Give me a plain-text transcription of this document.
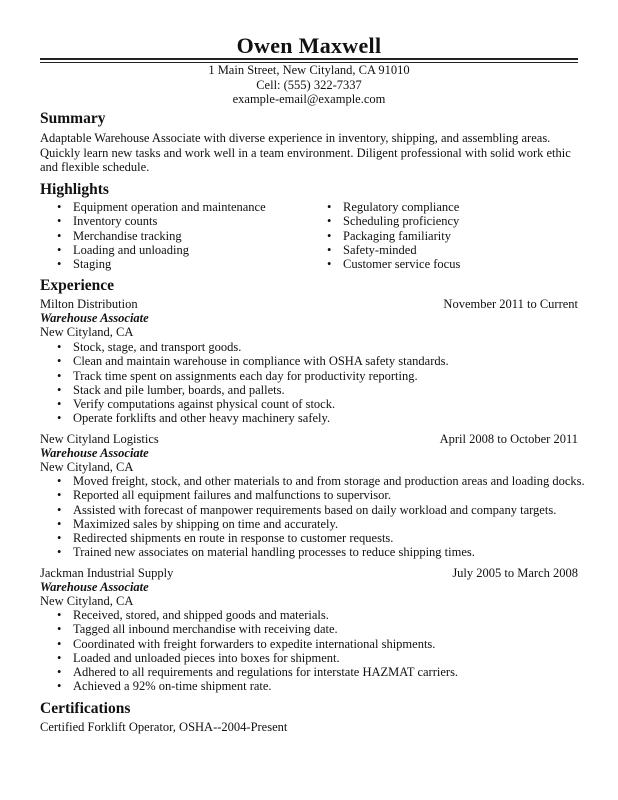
Owen Maxwell
1 Main Street, New Cityland, CA 91010
Cell: (555) 322-7337
example-email@example.com
Summary
Adaptable Warehouse Associate with diverse experience in inventory, shipping, and assembling areas. Quickly learn new tasks and work well in a team environment. Diligent professional with solid work ethic and flexible schedule.
Highlights
• Equipment operation and maintenance
• Inventory counts
• Merchandise tracking
• Loading and unloading
• Staging
• Regulatory compliance
• Scheduling proficiency
• Packaging familiarity
• Safety-minded
• Customer service focus
Experience
Milton Distribution	November 2011 to Current
Warehouse Associate
New Cityland, CA
• Stock, stage, and transport goods.
• Clean and maintain warehouse in compliance with OSHA safety standards.
• Track time spent on assignments each day for productivity reporting.
• Stack and pile lumber, boards, and pallets.
• Verify computations against physical count of stock.
• Operate forklifts and other heavy machinery safely.
New Cityland Logistics	April 2008 to October 2011
Warehouse Associate
New Cityland, CA
• Moved freight, stock, and other materials to and from storage and production areas and loading docks.
• Reported all equipment failures and malfunctions to supervisor.
• Assisted with forecast of manpower requirements based on daily workload and company targets.
• Maximized sales by shipping on time and accurately.
• Redirected shipments en route in response to customer requests.
• Trained new associates on material handling processes to reduce shipping times.
Jackman Industrial Supply	July 2005 to March 2008
Warehouse Associate
New Cityland, CA
• Received, stored, and shipped goods and materials.
• Tagged all inbound merchandise with receiving date.
• Coordinated with freight forwarders to expedite international shipments.
• Loaded and unloaded pieces into boxes for shipment.
• Adhered to all requirements and regulations for interstate HAZMAT carriers.
• Achieved a 92% on-time shipment rate.
Certifications
Certified Forklift Operator, OSHA--2004-Present
